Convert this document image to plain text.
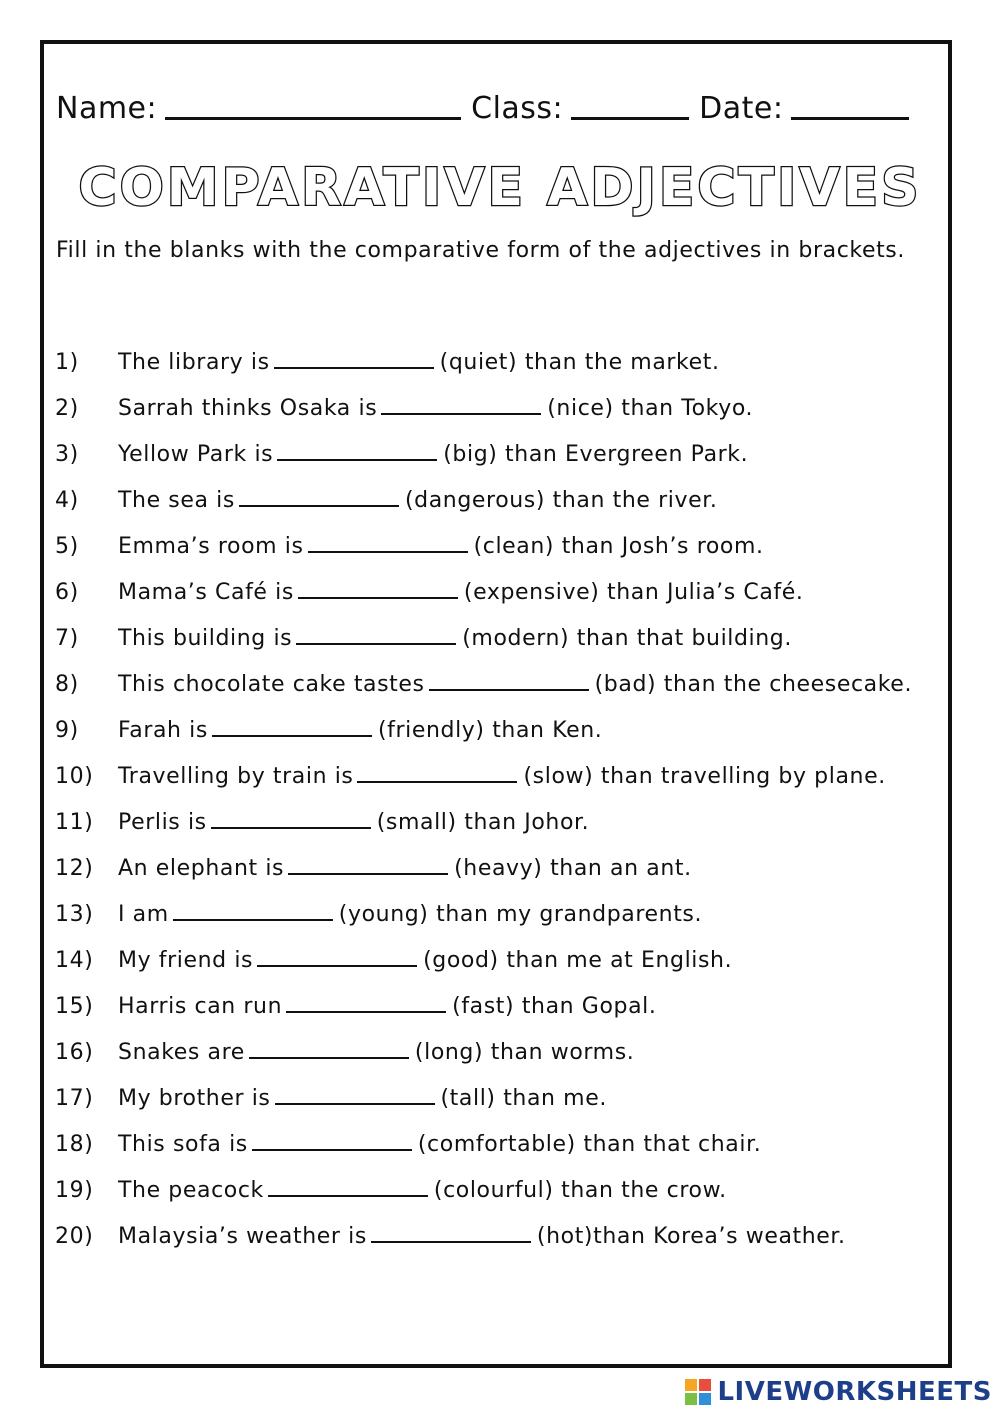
Name:	Class:	Date:
COMPARATIVE ADJECTIVES
Fill in the blanks with the comparative form of the adjectives in brackets.
1)	The library is	(quiet) than the market.
2)	Sarrah thinks Osaka is	(nice) than Tokyo.
3)	Yellow Park is	(big) than Evergreen Park.
4)	The sea is	(dangerous) than the river.
5)	Emma’s room is	(clean) than Josh’s room.
6)	Mama’s Café is	(expensive) than Julia’s Café.
7)	This building is	(modern) than that building.
8)	This chocolate cake tastes	(bad) than the cheesecake.
9)	Farah is	(friendly) than Ken.
10)	Travelling by train is	(slow) than travelling by plane.
11)	Perlis is	(small) than Johor.
12)	An elephant is	(heavy) than an ant.
13)	I am	(young) than my grandparents.
14)	My friend is	(good) than me at English.
15)	Harris can run	(fast) than Gopal.
16)	Snakes are	(long) than worms.
17)	My brother is	(tall) than me.
18)	This sofa is	(comfortable) than that chair.
19)	The peacock	(colourful) than the crow.
20)	Malaysia’s weather is	(hot)than Korea’s weather.
LIVEWORKSHEETS
